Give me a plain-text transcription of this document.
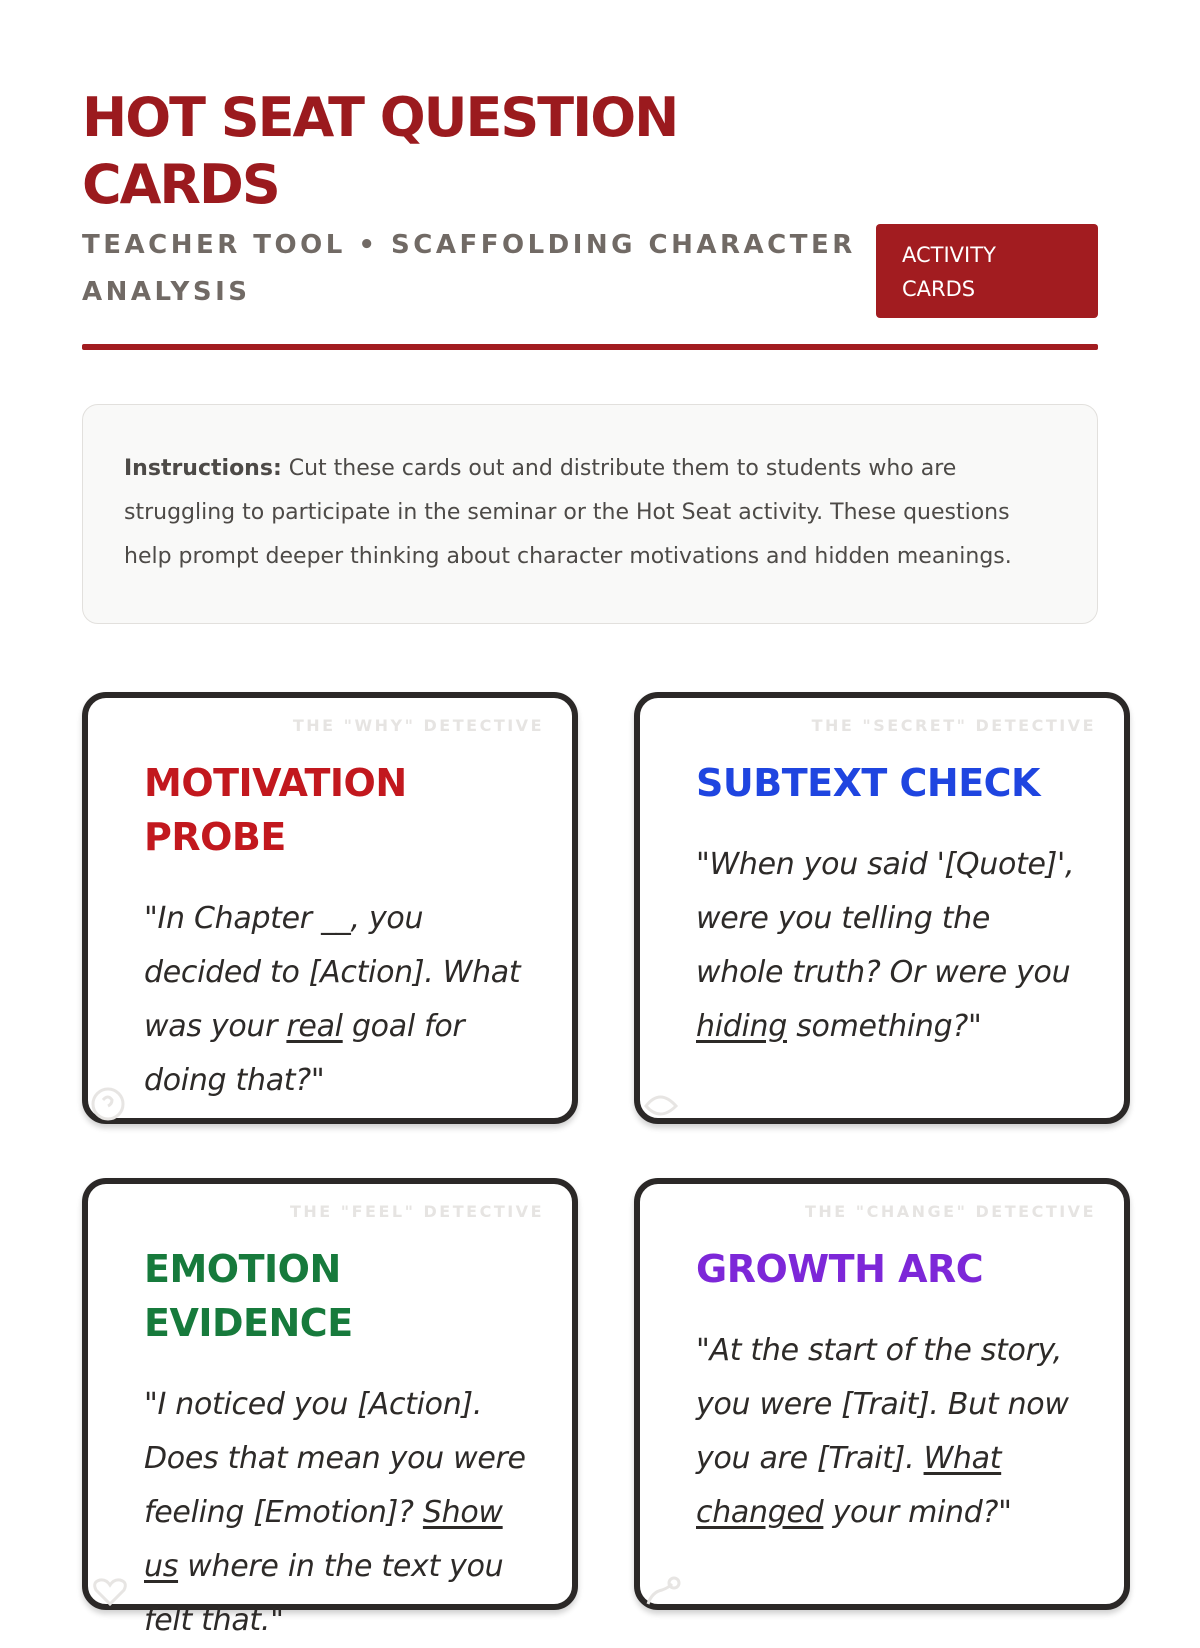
HOT SEAT QUESTION CARDS
TEACHER TOOL • SCAFFOLDING CHARACTER ANALYSIS
ACTIVITY CARDS
Instructions: Cut these cards out and distribute them to students who are struggling to participate in the seminar or the Hot Seat activity. These questions help prompt deeper thinking about character motivations and hidden meanings.
THE "WHY" DETECTIVE
MOTIVATION PROBE
"In Chapter __, you decided to [Action]. What was your real goal for doing that?"
THE "SECRET" DETECTIVE
SUBTEXT CHECK
"When you said '[Quote]', were you telling the whole truth? Or were you hiding something?"
THE "FEEL" DETECTIVE
EMOTION EVIDENCE
"I noticed you [Action]. Does that mean you were feeling [Emotion]? Show us where in the text you felt that."
THE "CHANGE" DETECTIVE
GROWTH ARC
"At the start of the story, you were [Trait]. But now you are [Trait]. What changed your mind?"
